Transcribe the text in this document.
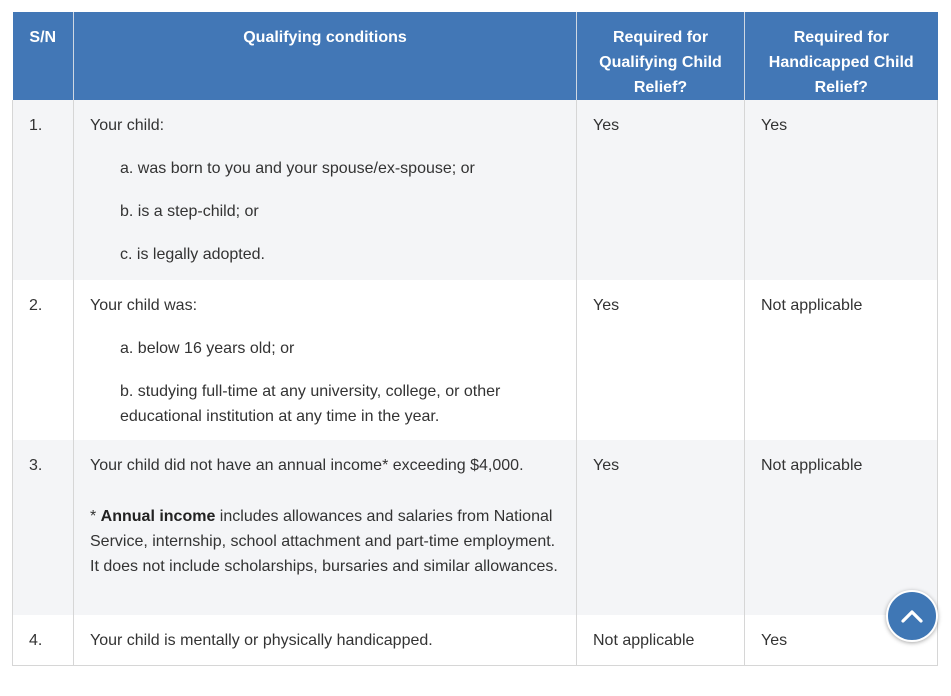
S/N	Qualifying conditions	Required for Qualifying Child Relief?	Required for Handicapped Child Relief?
1.	Your child:
a. was born to you and your spouse/ex-spouse; or
b. is a step-child; or
c. is legally adopted.	Yes	Yes
2.	Your child was:
a. below 16 years old; or
b. studying full-time at any university, college, or other educational institution at any time in the year.	Yes	Not applicable
3.	Your child did not have an annual income* exceeding $4,000.
* Annual income includes allowances and salaries from National Service, internship, school attachment and part-time employment. It does not include scholarships, bursaries and similar allowances.	Yes	Not applicable
4.	Your child is mentally or physically handicapped.	Not applicable	Yes
